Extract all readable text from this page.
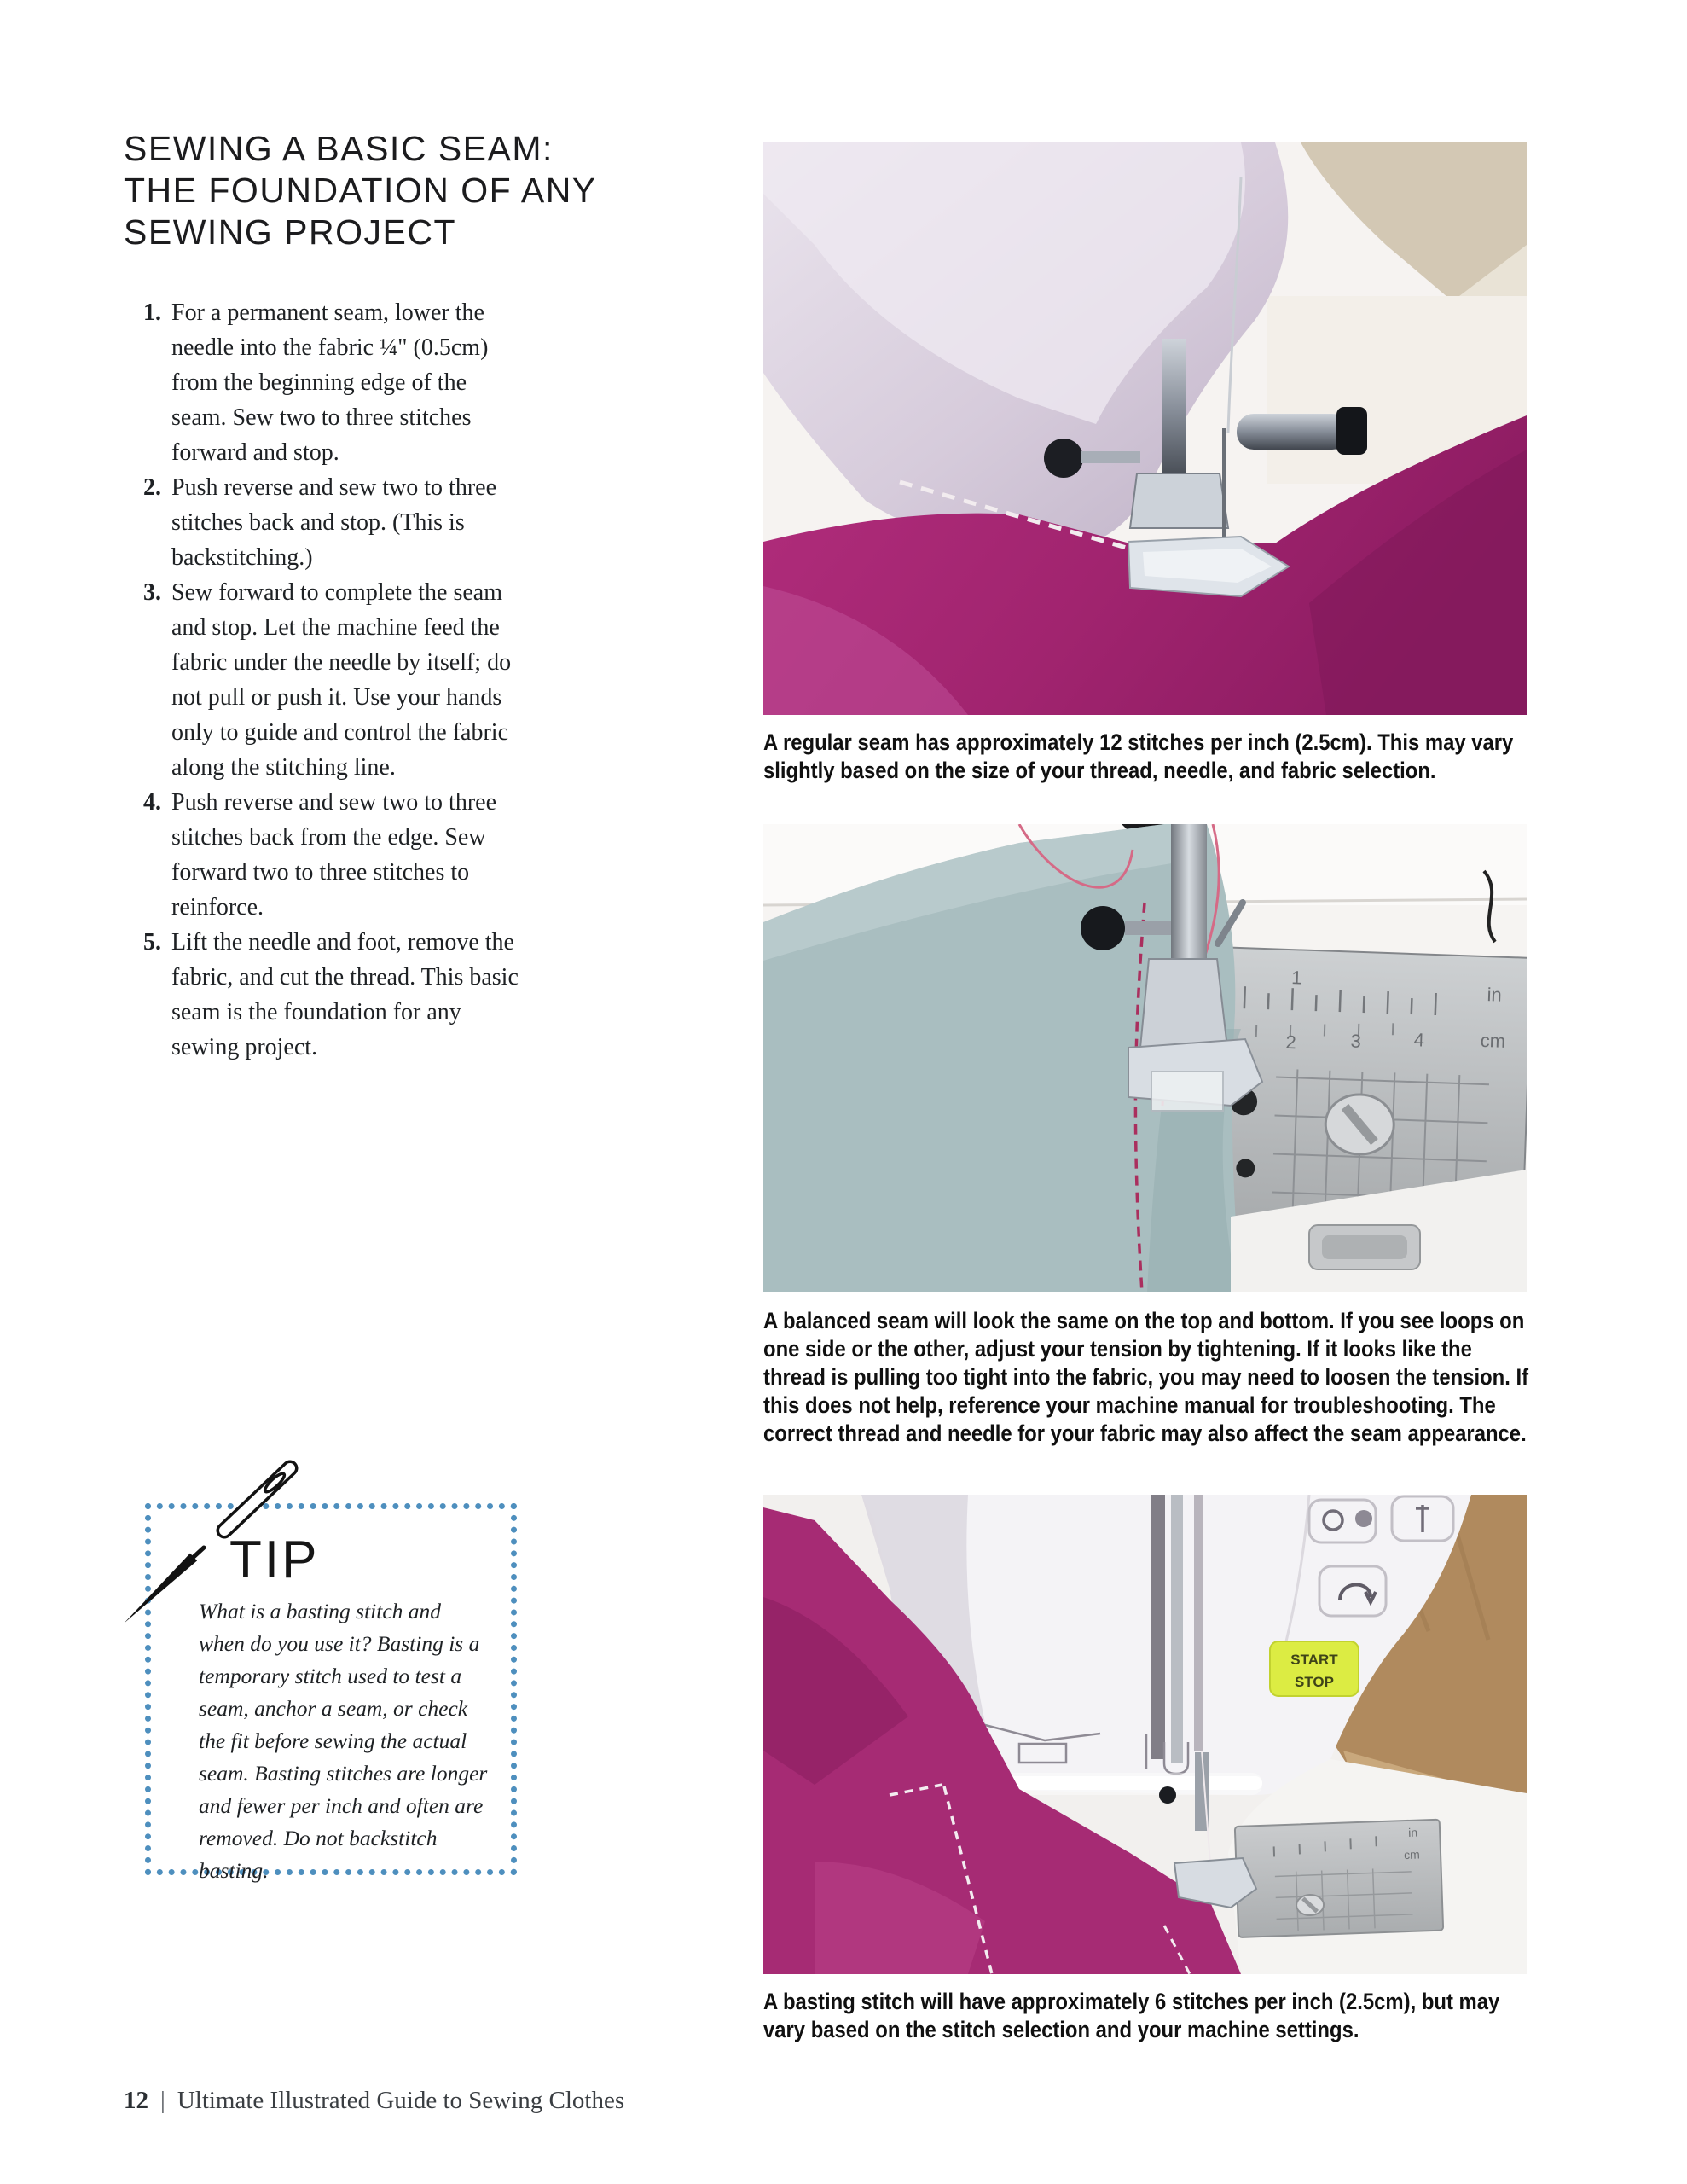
SEWING A BASIC SEAM:
THE FOUNDATION OF ANY
SEWING PROJECT
1. For a permanent seam, lower the needle into the fabric ¼" (0.5cm) from the beginning edge of the seam. Sew two to three stitches forward and stop.
2. Push reverse and sew two to three stitches back and stop. (This is backstitching.)
3. Sew forward to complete the seam and stop. Let the machine feed the fabric under the needle by itself; do not pull or push it. Use your hands only to guide and control the fabric along the stitching line.
4. Push reverse and sew two to three stitches back from the edge. Sew forward two to three stitches to reinforce.
5. Lift the needle and foot, remove the fabric, and cut the thread. This basic seam is the foundation for any sewing project.
TIP

What is a basting stitch and when do you use it? Basting is a temporary stitch used to test a seam, anchor a seam, or check the fit before sewing the actual seam. Basting stitches are longer and fewer per inch and often are removed. Do not backstitch basting.

A regular seam has approximately 12 stitches per inch (2.5cm). This may vary slightly based on the size of your thread, needle, and fabric selection.
1
in
2	3	4	cm
A balanced seam will look the same on the top and bottom. If you see loops on one side or the other, adjust your tension by tightening. If it looks like the thread is pulling too tight into the fabric, you may need to loosen the tension. If this does not help, reference your machine manual for troubleshooting. The correct thread and needle for your fabric may also affect the seam appearance.
START
STOP
in
cm
A basting stitch will have approximately 6 stitches per inch (2.5cm), but may vary based on the stitch selection and your machine settings.
12 | Ultimate Illustrated Guide to Sewing Clothes
